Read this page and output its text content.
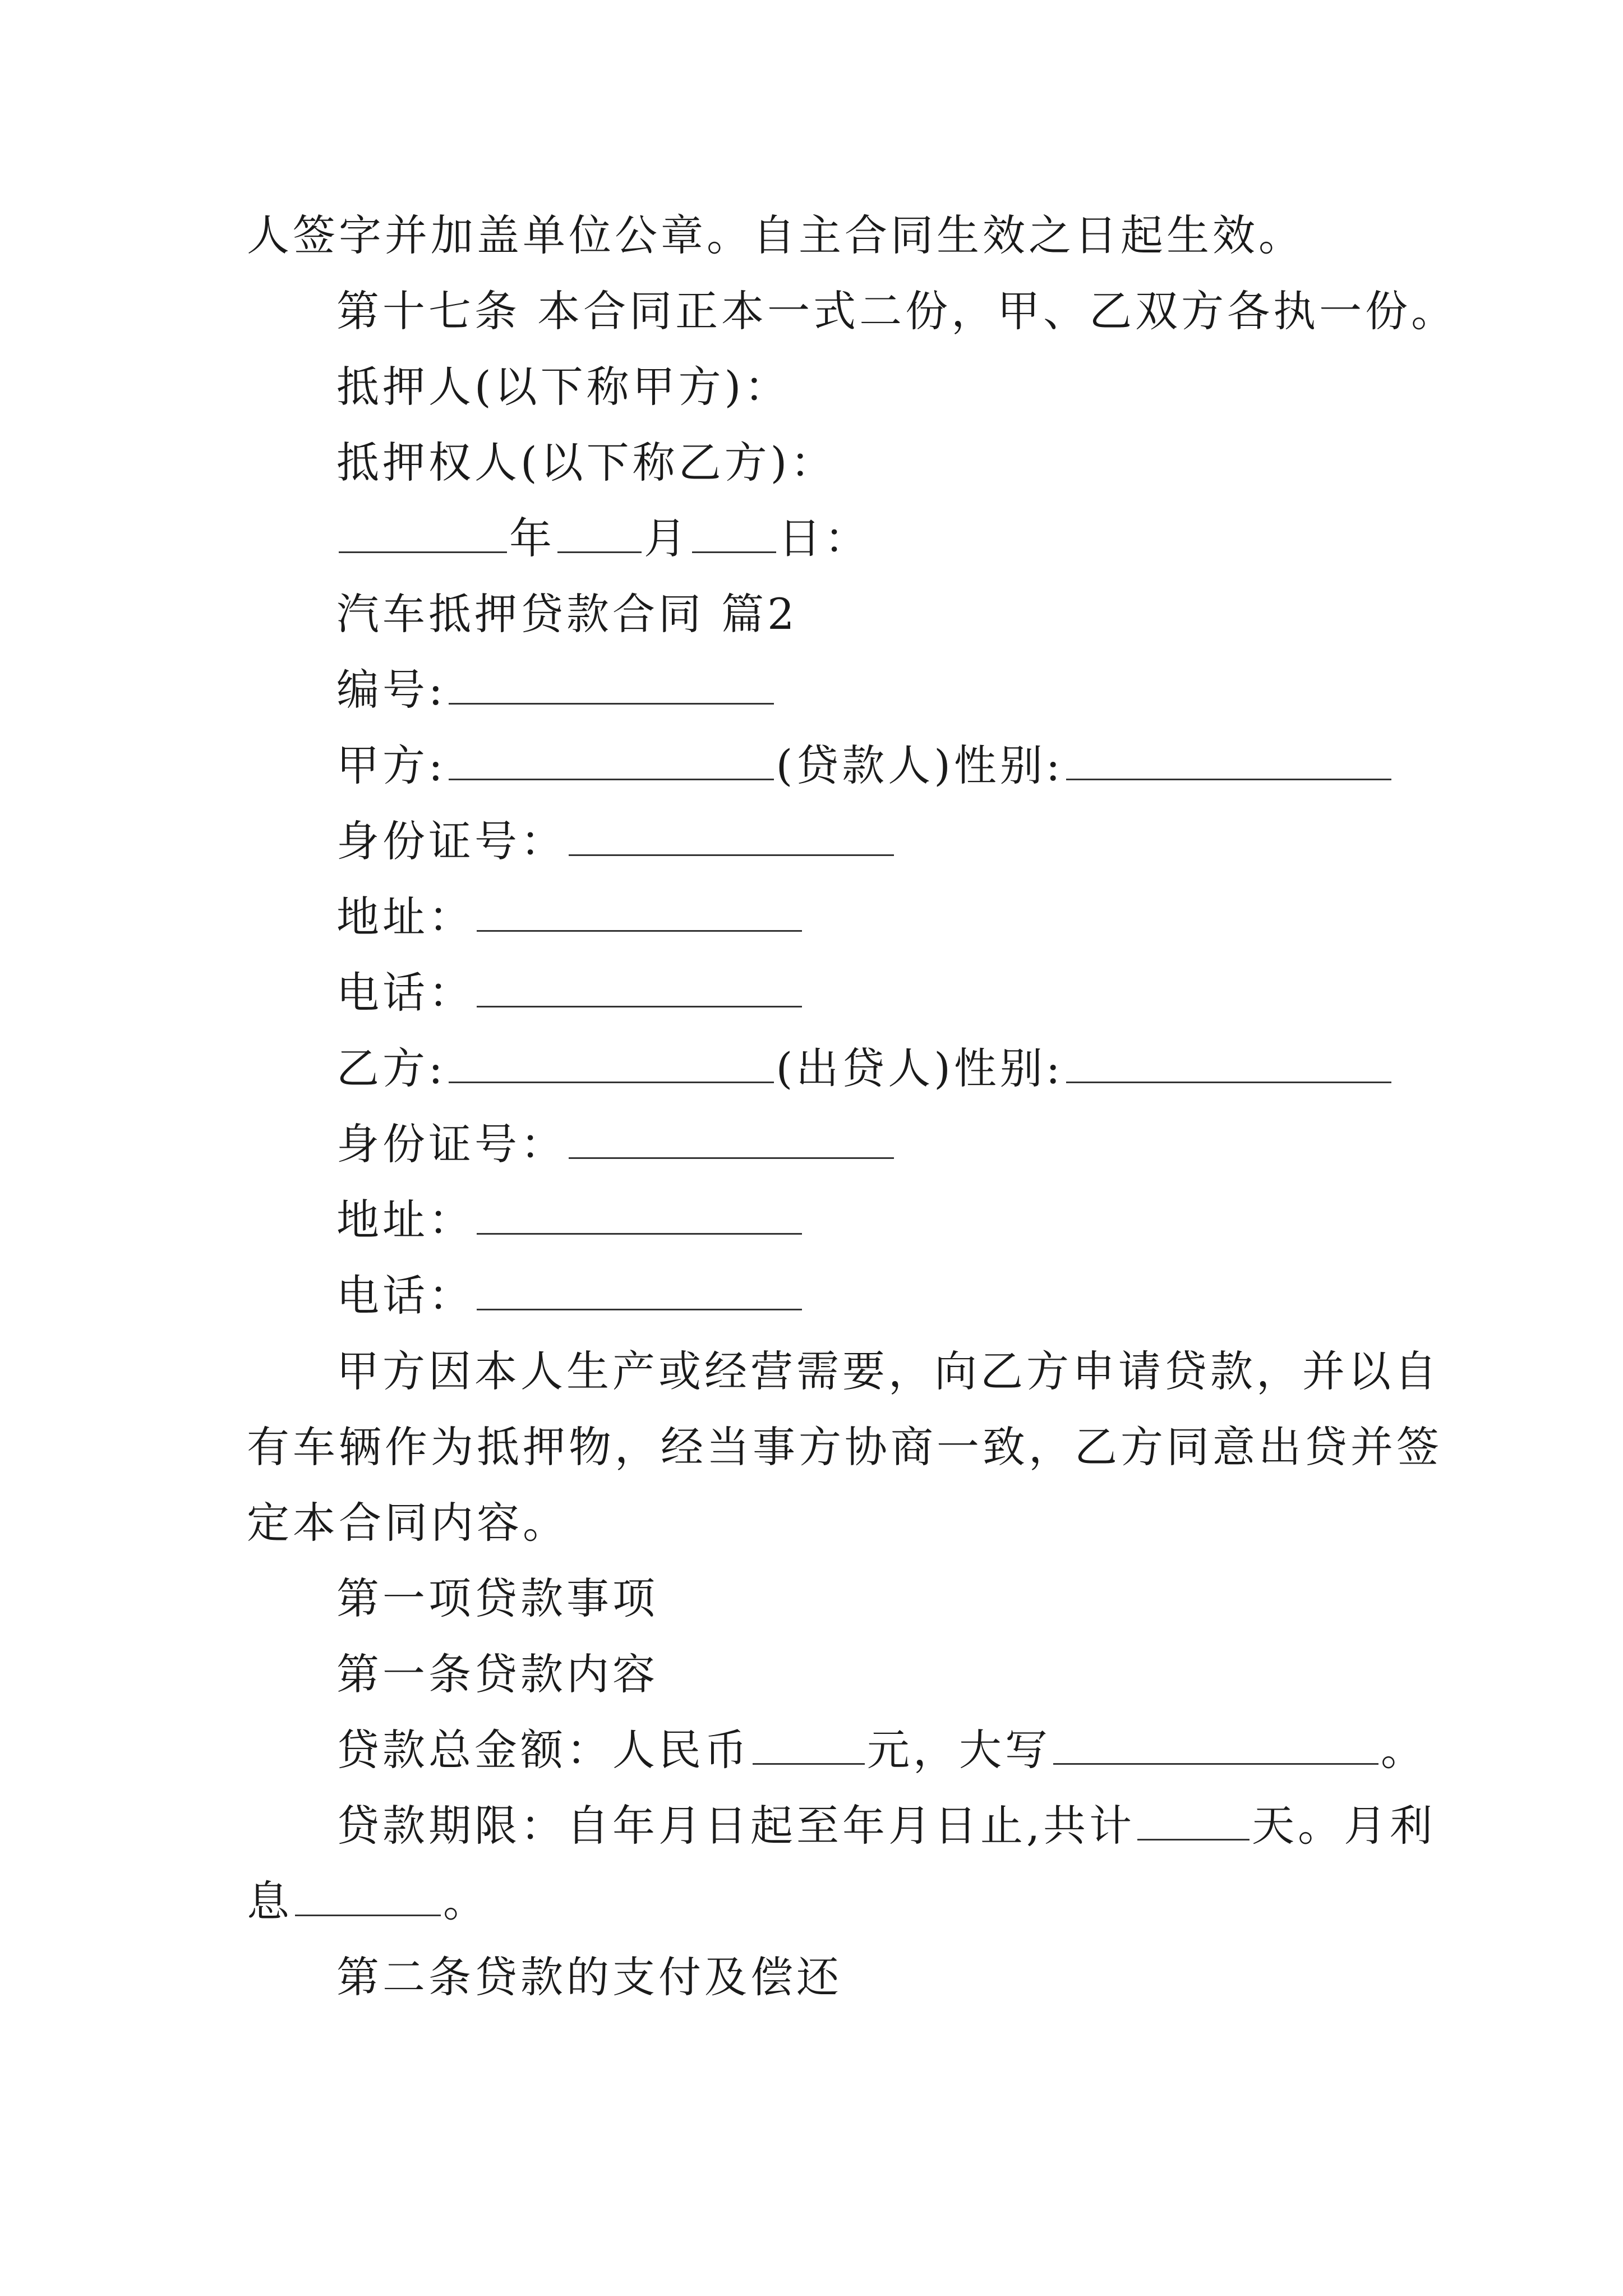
人签字并加盖单位公章。自主合同生效之日起生效。
第十七条 本合同正本一式二份，甲、乙双方各执一份。
抵押人(以下称甲方)：
抵押权人(以下称乙方)：
年 月 日：
汽车抵押贷款合同 篇2
编号:
甲方:	(贷款人)性别:
身份证号：
地址：
电话：
乙方:	(出贷人)性别:
身份证号：
地址：
电话：
甲方因本人生产或经营需要，向乙方申请贷款，并以自
有车辆作为抵押物，经当事方协商一致，乙方同意出贷并签
定本合同内容。
第一项贷款事项
第一条贷款内容
贷款总金额：人民币	元，大写	。
贷款期限：自年月日起至年月日止,共计	天。月利
息	。
第二条贷款的支付及偿还
